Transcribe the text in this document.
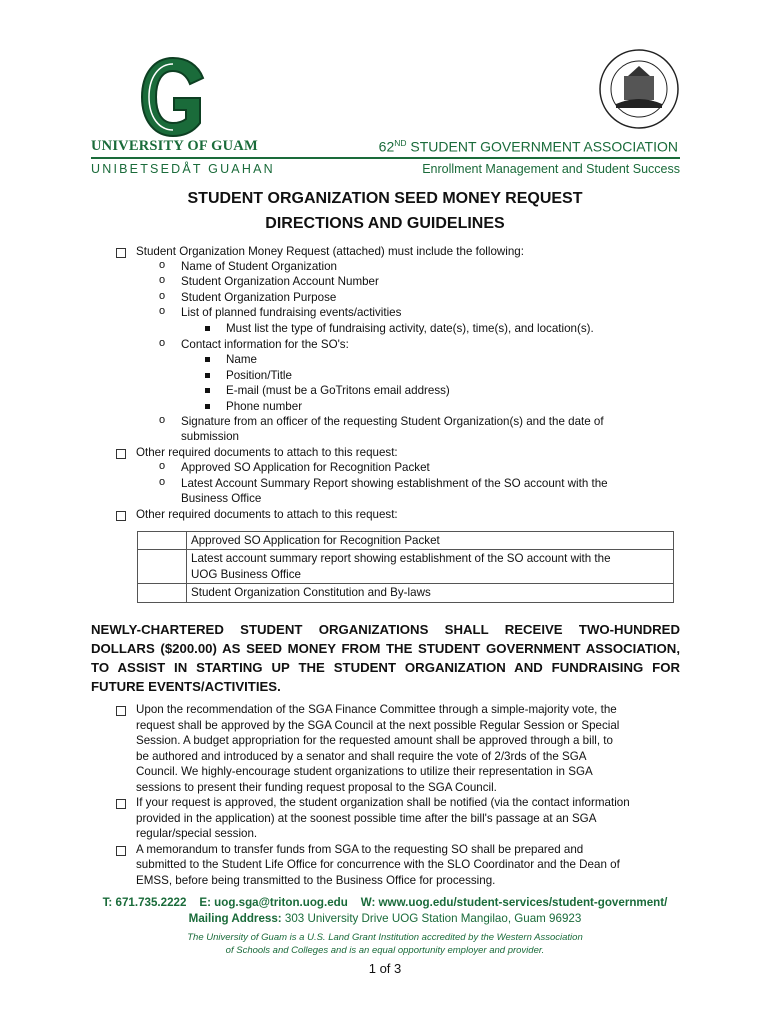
UNIVERSITY OF GUAM
UNIBETSEDÅT GUAHAN
62ND STUDENT GOVERNMENT ASSOCIATION
Enrollment Management and Student Success
STUDENT ORGANIZATION SEED MONEY REQUEST
DIRECTIONS AND GUIDELINES
Student Organization Money Request (attached) must include the following:
o Name of Student Organization
o Student Organization Account Number
o Student Organization Purpose
o List of planned fundraising events/activities
Must list the type of fundraising activity, date(s), time(s), and location(s).
o Contact information for the SO's:
Name
Position/Title
E-mail (must be a GoTritons email address)
Phone number
o Signature from an officer of the requesting Student Organization(s) and the date of
submission
Other required documents to attach to this request:
o Approved SO Application for Recognition Packet
o Latest Account Summary Report showing establishment of the SO account with the
Business Office
Other required documents to attach to this request:
	Approved SO Application for Recognition Packet

	Latest account summary report showing establishment of the SO account with the
UOG Business Office

	Student Organization Constitution and By-laws
NEWLY-CHARTERED STUDENT ORGANIZATIONS SHALL RECEIVE TWO-HUNDRED DOLLARS ($200.00) AS SEED MONEY FROM THE STUDENT GOVERNMENT ASSOCIATION, TO ASSIST IN STARTING UP THE STUDENT ORGANIZATION AND FUNDRAISING FOR FUTURE EVENTS/ACTIVITIES.
Upon the recommendation of the SGA Finance Committee through a simple-majority vote, the
request shall be approved by the SGA Council at the next possible Regular Session or Special
Session. A budget appropriation for the requested amount shall be approved through a bill, to
be authored and introduced by a senator and shall require the vote of 2/3rds of the SGA
Council. We highly-encourage student organizations to utilize their representation in SGA
sessions to present their funding request proposal to the SGA Council.
If your request is approved, the student organization shall be notified (via the contact information
provided in the application) at the soonest possible time after the bill's passage at an SGA
regular/special session.
A memorandum to transfer funds from SGA to the requesting SO shall be prepared and
submitted to the Student Life Office for concurrence with the SLO Coordinator and the Dean of
EMSS, before being transmitted to the Business Office for processing.
T: 671.735.2222 E: uog.sga@triton.uog.edu W: www.uog.edu/student-services/student-government/
Mailing Address: 303 University Drive UOG Station Mangilao, Guam 96923
The University of Guam is a U.S. Land Grant Institution accredited by the Western Association
of Schools and Colleges and is an equal opportunity employer and provider.
1 of 3
